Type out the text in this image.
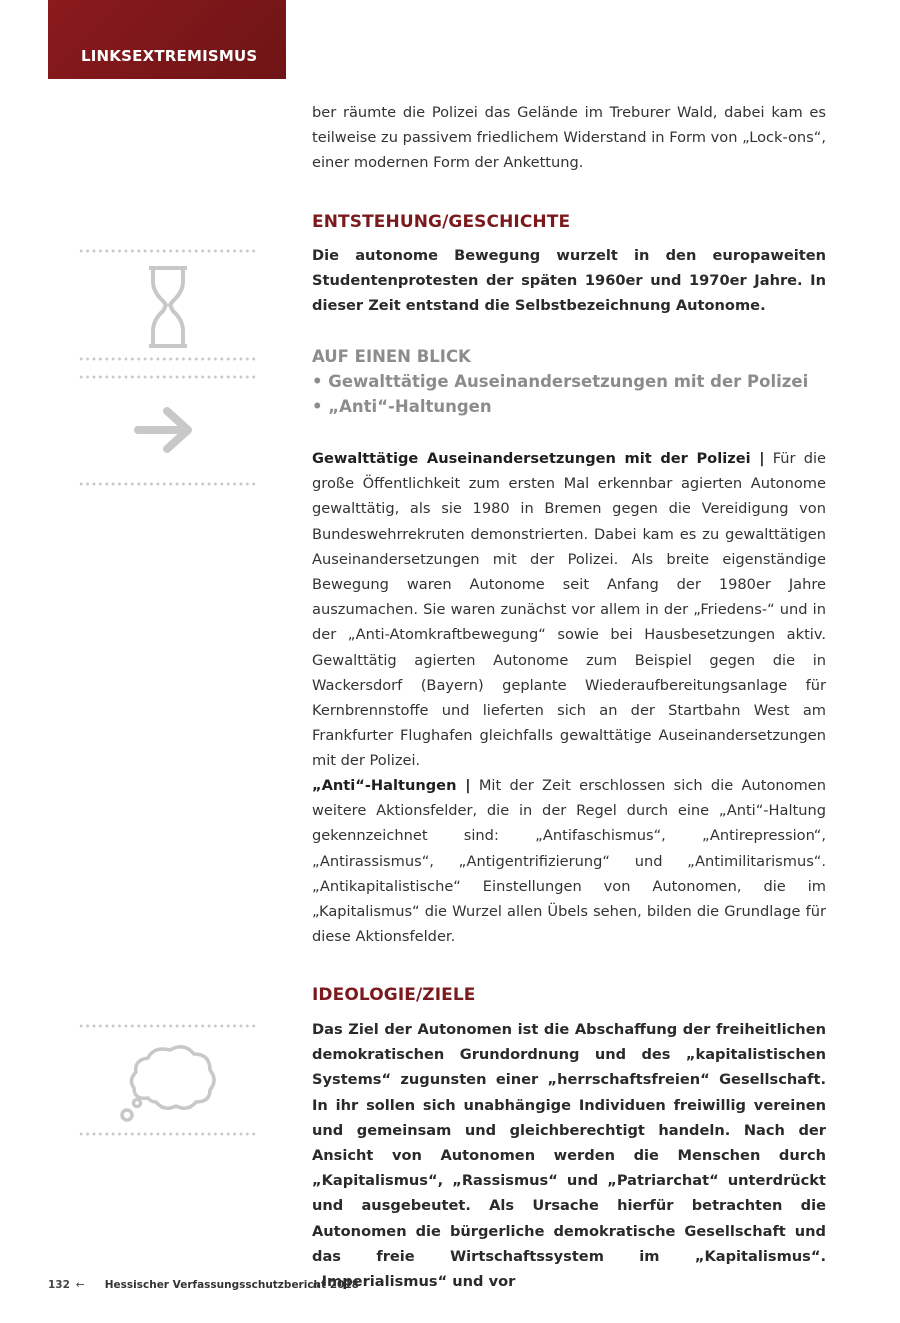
LINKSEXTREMISMUS

ber räumte die Polizei das Gelände im Treburer Wald, dabei kam es teilweise zu passivem friedlichem Widerstand in Form von „Lock-ons“, einer modernen Form der Ankettung.

ENTSTEHUNG/GESCHICHTE

Die autonome Bewegung wurzelt in den europaweiten Studentenprotesten der späten 1960er und 1970er Jahre. In dieser Zeit entstand die Selbstbezeichnung Autonome.

AUF EINEN BLICK

• Gewalttätige Auseinandersetzungen mit der Polizei

• „Anti“-Haltungen

Gewalttätige Auseinandersetzungen mit der Polizei | Für die große Öffentlichkeit zum ersten Mal erkennbar agierten Autonome gewalttätig, als sie 1980 in Bremen gegen die Vereidigung von Bundeswehrrekruten demonstrierten. Dabei kam es zu gewalttätigen Auseinandersetzungen mit der Polizei. Als breite eigenständige Bewegung waren Autonome seit Anfang der 1980er Jahre auszumachen. Sie waren zunächst vor allem in der „Friedens-“ und in der „Anti-Atomkraftbewegung“ sowie bei Hausbesetzungen aktiv. Gewalttätig agierten Autonome zum Beispiel gegen die in Wackersdorf (Bayern) geplante Wiederaufbereitungsanlage für Kernbrennstoffe und lieferten sich an der Startbahn West am Frankfurter Flughafen gleichfalls gewalttätige Auseinandersetzungen mit der Polizei.

„Anti“-Haltungen | Mit der Zeit erschlossen sich die Autonomen weitere Aktionsfelder, die in der Regel durch eine „Anti“-Haltung gekennzeichnet sind: „Antifaschismus“, „Antirepression“, „Antirassismus“, „Antigentrifizierung“ und „Antimilitarismus“. „Antikapitalistische“ Einstellungen von Autonomen, die im „Kapitalismus“ die Wurzel allen Übels sehen, bilden die Grundlage für diese Aktionsfelder.

IDEOLOGIE/ZIELE

Das Ziel der Autonomen ist die Abschaffung der freiheitlichen demokratischen Grundordnung und des „kapitalistischen Systems“ zugunsten einer „herrschaftsfreien“ Gesellschaft. In ihr sollen sich unabhängige Individuen freiwillig vereinen und gemeinsam und gleichberechtigt handeln. Nach der Ansicht von Autonomen werden die Menschen durch „Kapitalismus“, „Rassismus“ und „Patriarchat“ unterdrückt und ausgebeutet. Als Ursache hierfür betrachten die Autonomen die bürgerliche demokratische Gesellschaft und das freie Wirtschaftssystem im „Kapitalismus“. „Imperialismus“ und vor

132 ← Hessischer Verfassungsschutzbericht 2018
